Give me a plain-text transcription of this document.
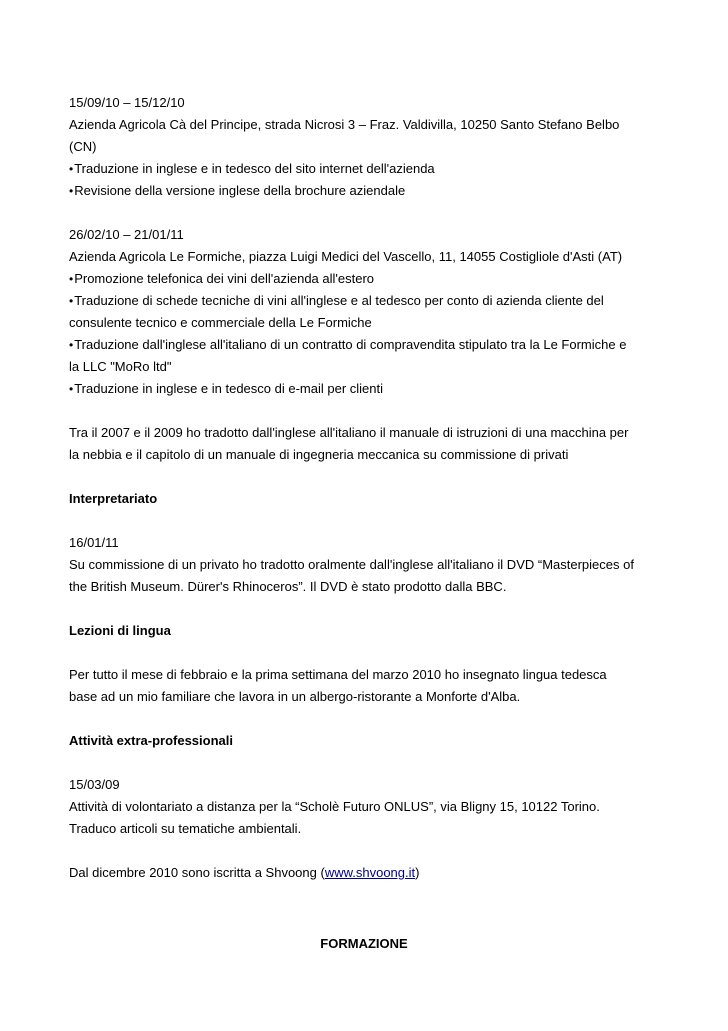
15/09/10 – 15/12/10
Azienda Agricola Cà del Principe, strada Nicrosi 3 – Fraz. Valdivilla, 10250 Santo Stefano Belbo
(CN)
•Traduzione in inglese e in tedesco del sito internet dell'azienda
•Revisione della versione inglese della brochure aziendale
26/02/10 – 21/01/11
Azienda Agricola Le Formiche, piazza Luigi Medici del Vascello, 11, 14055 Costigliole d'Asti (AT)
•Promozione telefonica dei vini dell'azienda all'estero
•Traduzione di schede tecniche di vini all'inglese e al tedesco per conto di azienda cliente del
consulente tecnico e commerciale della Le Formiche
•Traduzione dall'inglese all'italiano di un contratto di compravendita stipulato tra la Le Formiche e
la LLC "MoRo ltd"
•Traduzione in inglese e in tedesco di e-mail per clienti
Tra il 2007 e il 2009 ho tradotto dall'inglese all'italiano il manuale di istruzioni di una macchina per
la nebbia e il capitolo di un manuale di ingegneria meccanica su commissione di privati
Interpretariato
16/01/11
Su commissione di un privato ho tradotto oralmente dall'inglese all'italiano il DVD “Masterpieces of
the British Museum. Dürer's Rhinoceros”. Il DVD è stato prodotto dalla BBC.
Lezioni di lingua
Per tutto il mese di febbraio e la prima settimana del marzo 2010 ho insegnato lingua tedesca
base ad un mio familiare che lavora in un albergo-ristorante a Monforte d'Alba.
Attività extra-professionali
15/03/09
Attività di volontariato a distanza per la “Scholè Futuro ONLUS”, via Bligny 15, 10122 Torino.
Traduco articoli su tematiche ambientali.
Dal dicembre 2010 sono iscritta a Shvoong (www.shvoong.it)
FORMAZIONE
